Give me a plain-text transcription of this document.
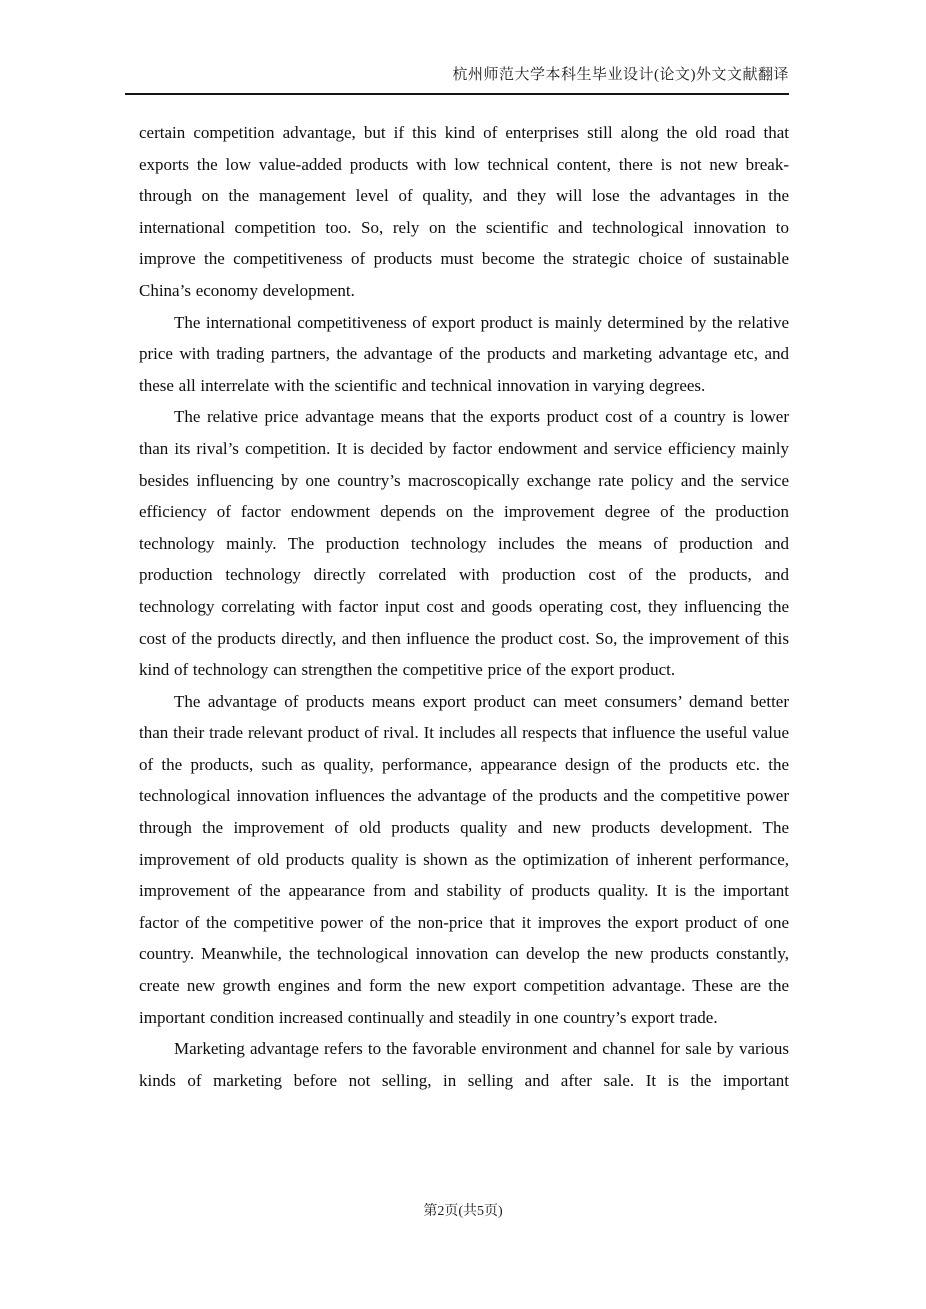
杭州师范大学本科生毕业设计(论文)外文文献翻译

certain competition advantage, but if this kind of enterprises still along the old road that exports the low value-added products with low technical content, there is not new break-through on the management level of quality, and they will lose the advantages in the international competition too. So, rely on the scientific and technological innovation to improve the competitiveness of products must become the strategic choice of sustainable China’s economy development.

The international competitiveness of export product is mainly determined by the relative price with trading partners, the advantage of the products and marketing advantage etc, and these all interrelate with the scientific and technical innovation in varying degrees.

The relative price advantage means that the exports product cost of a country is lower than its rival’s competition. It is decided by factor endowment and service efficiency mainly besides influencing by one country’s macroscopically exchange rate policy and the service efficiency of factor endowment depends on the improvement degree of the production technology mainly. The production technology includes the means of production and production technology directly correlated with production cost of the products, and technology correlating with factor input cost and goods operating cost, they influencing the cost of the products directly, and then influence the product cost. So, the improvement of this kind of technology can strengthen the competitive price of the export product.

The advantage of products means export product can meet consumers’ demand better than their trade relevant product of rival. It includes all respects that influence the useful value of the products, such as quality, performance, appearance design of the products etc. the technological innovation influences the advantage of the products and the competitive power through the improvement of old products quality and new products development. The improvement of old products quality is shown as the optimization of inherent performance, improvement of the appearance from and stability of products quality. It is the important factor of the competitive power of the non-price that it improves the export product of one country. Meanwhile, the technological innovation can develop the new products constantly, create new growth engines and form the new export competition advantage. These are the important condition increased continually and steadily in one country’s export trade.

Marketing advantage refers to the favorable environment and channel for sale by various kinds of marketing before not selling, in selling and after sale. It is the important

第2页(共5页)
